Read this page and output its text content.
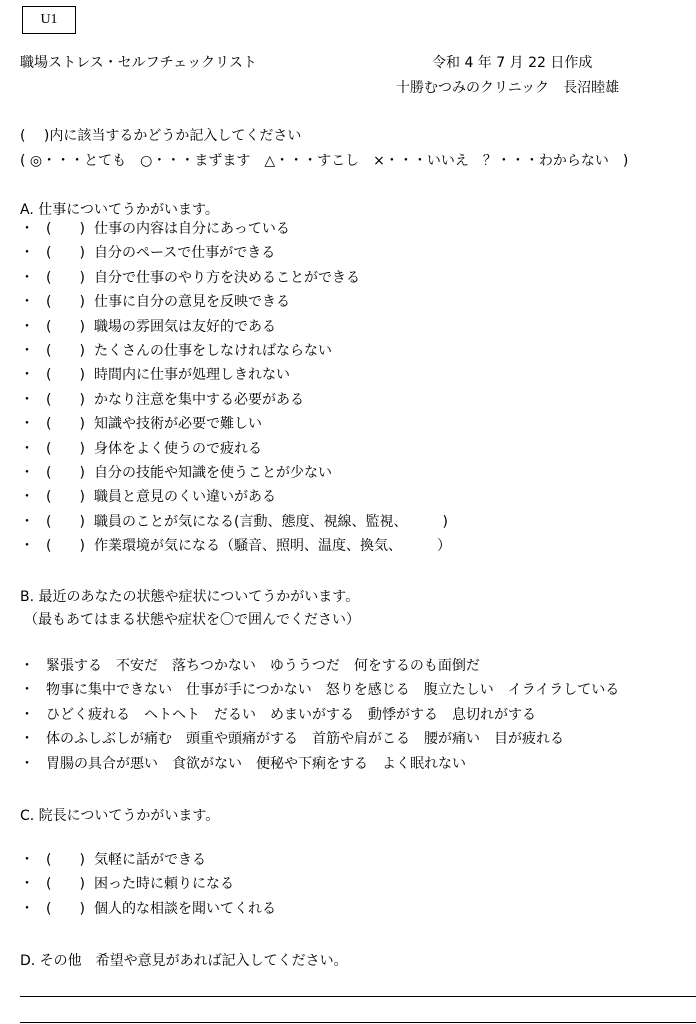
U1
職場ストレス・セルフチェックリスト	令和 4 年 7 月 22 日作成
十勝むつみのクリニック　長沼睦雄
(　 )内に該当するかどうか記入してください
( ◎・・・とても　○・・・まずます　△・・・すこし　×・・・いいえ　？・・・わからない　)
A. 仕事についてうかがいます。
・ (　　) 仕事の内容は自分にあっている
・ (　　) 自分のペースで仕事ができる
・ (　　) 自分で仕事のやり方を決めることができる
・ (　　) 仕事に自分の意見を反映できる
・ (　　) 職場の雰囲気は友好的である
・ (　　) たくさんの仕事をしなければならない
・ (　　) 時間内に仕事が処理しきれない
・ (　　) かなり注意を集中する必要がある
・ (　　) 知識や技術が必要で難しい
・ (　　) 身体をよく使うので疲れる
・ (　　) 自分の技能や知識を使うことが少ない
・ (　　) 職員と意見のくい違いがある
・ (　　) 職員のことが気になる(言動、態度、視線、監視、　　　)
・ (　　) 作業環境が気になる（騒音、照明、温度、換気、　　　）
B. 最近のあなたの状態や症状についてうかがいます。
（最もあてはまる状態や症状を〇で囲んでください）
・ 緊張する　不安だ　落ちつかない　ゆううつだ　何をするのも面倒だ
・ 物事に集中できない　仕事が手につかない　怒りを感じる　腹立たしい　イライラしている
・ ひどく疲れる　ヘトヘト　だるい　めまいがする　動悸がする　息切れがする
・ 体のふしぶしが痛む　頭重や頭痛がする　首筋や肩がこる　腰が痛い　目が疲れる
・ 胃腸の具合が悪い　食欲がない　便秘や下痢をする　よく眠れない
C. 院長についてうかがいます。
・ (　　) 気軽に話ができる
・ (　　) 困った時に頼りになる
・ (　　) 個人的な相談を聞いてくれる
D. その他　希望や意見があれば記入してください。
